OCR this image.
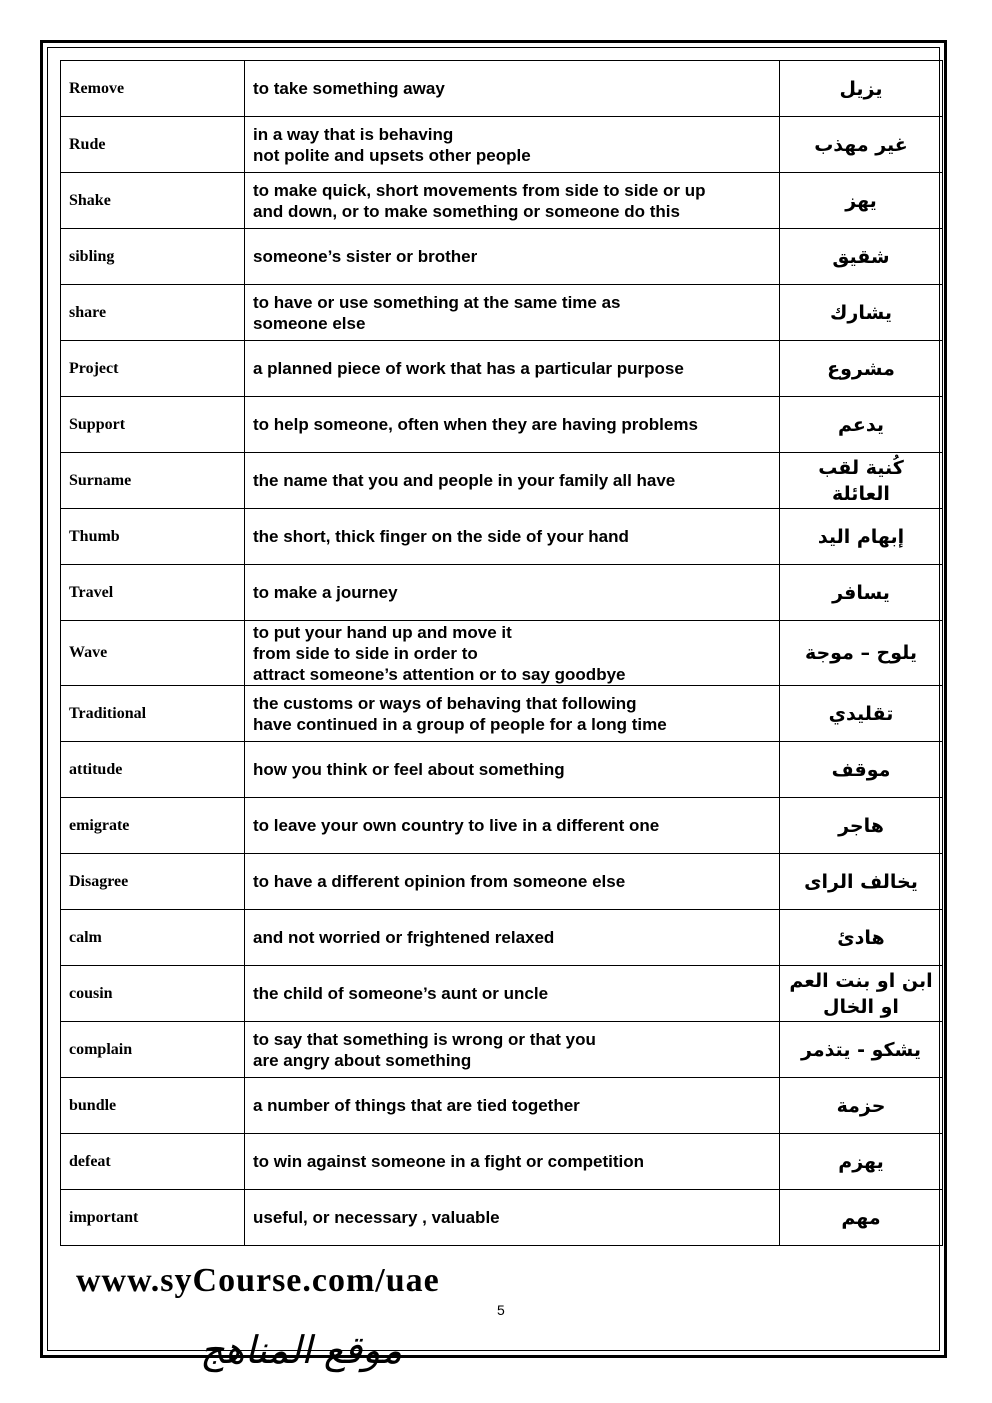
Remove	to take something away	يزيل
Rude	in a way that is behaving
not polite and upsets other people	غير مهذب
Shake	to make quick, short movements from side to side or up
and down, or to make something or someone do this	يهز
sibling	someone’s sister or brother	شقيق
share	to have or use something at the same time as
someone else	يشارك
Project	a planned piece of work that has a particular purpose	مشروع
Support	to help someone, often when they are having problems	يدعم
Surname	the name that you and people in your family all have	كُنية لقب العائلة
Thumb	the short, thick finger on the side of your hand	إبهام اليد
Travel	to make a journey	يسافر
Wave	to put your hand up and move it
from side to side in order to
attract someone’s attention or to say goodbye	يلوح – موجة
Traditional	the customs or ways of behaving that following
have continued in a group of people for a long time	تقليدي
attitude	how you think or feel about something	موقف
emigrate	to leave your own country to live in a different one	هاجر
Disagree	to have a different opinion from someone else	يخالف الراى
calm	and not worried or frightened relaxed	هادئ
cousin	the child of someone’s aunt or uncle	ابن او بنت العم او الخال
complain	to say that something is wrong or that you
are angry about something	يشكو - يتذمر
bundle	a number of things that are tied together	حزمة
defeat	to win against someone in a fight or competition	يهزم
important	useful, or necessary , valuable	مهم
www.syCourse.com/uae
5
موقع المناهج
